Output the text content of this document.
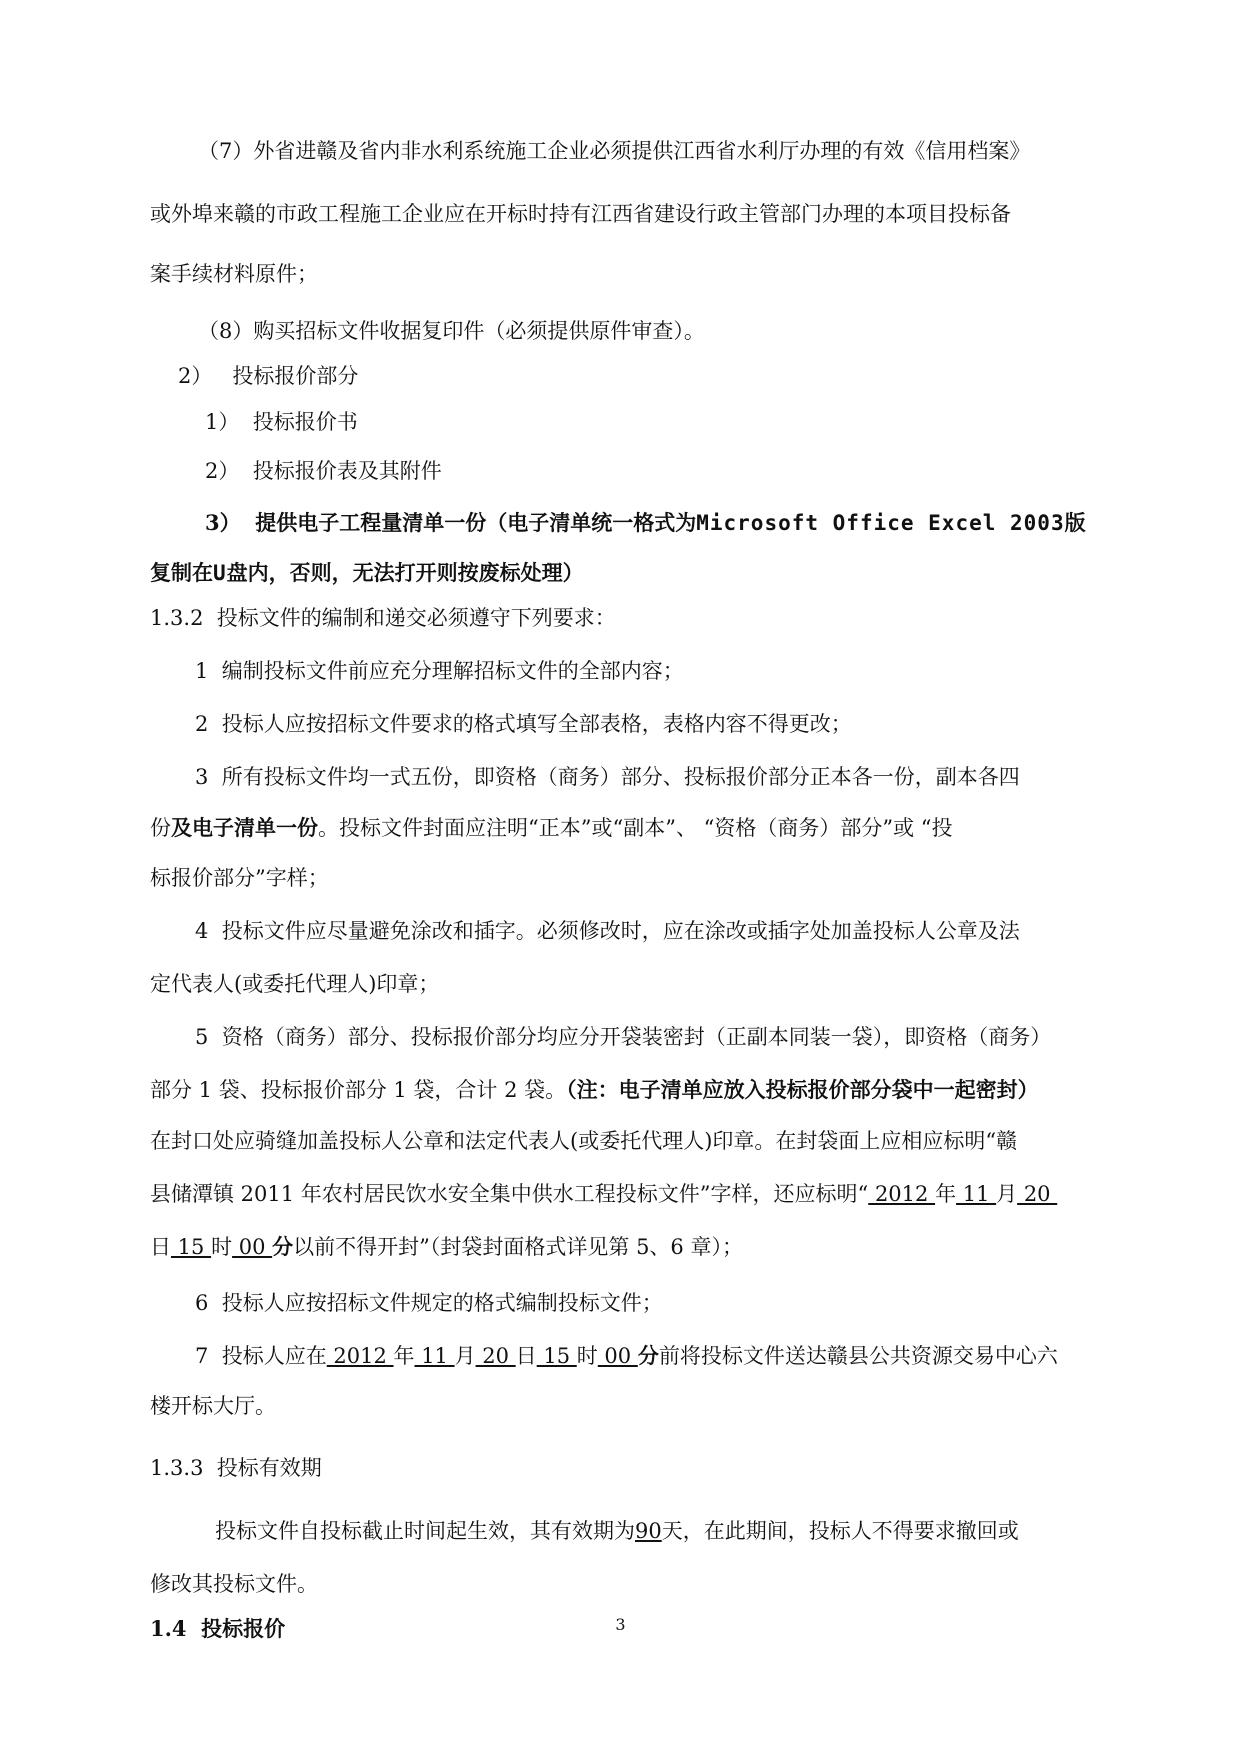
（7）外省进赣及省内非水利系统施工企业必须提供江西省水利厅办理的有效《信用档案》
或外埠来赣的市政工程施工企业应在开标时持有江西省建设行政主管部门办理的本项目投标备
案手续材料原件；
（8）购买招标文件收据复印件（必须提供原件审查）。
2）   投标报价部分
1）  投标报价书
2）  投标报价表及其附件
3）  提供电子工程量清单一份（电子清单统一格式为Microsoft Office Excel 2003版
复制在U盘内，否则，无法打开则按废标处理）
1.3.2  投标文件的编制和递交必须遵守下列要求：
1  编制投标文件前应充分理解招标文件的全部内容；
2  投标人应按招标文件要求的格式填写全部表格，表格内容不得更改；
3  所有投标文件均一式五份，即资格（商务）部分、投标报价部分正本各一份，副本各四
份及电子清单一份。投标文件封面应注明“正本”或“副本”、 “资格（商务）部分”或 “投
标报价部分”字样；
4  投标文件应尽量避免涂改和插字。必须修改时，应在涂改或插字处加盖投标人公章及法
定代表人(或委托代理人)印章；
5  资格（商务）部分、投标报价部分均应分开袋装密封（正副本同装一袋），即资格（商务）
部分 1 袋、投标报价部分 1 袋，合计 2 袋。（注：电子清单应放入投标报价部分袋中一起密封）
在封口处应骑缝加盖投标人公章和法定代表人(或委托代理人)印章。在封袋面上应相应标明“赣
县储潭镇 2011 年农村居民饮水安全集中供水工程投标文件”字样，还应标明“ 2012 年 11 月 20
日 15 时 00 分以前不得开封”（封袋封面格式详见第 5、6 章）；
6  投标人应按招标文件规定的格式编制投标文件；
7  投标人应在 2012 年 11 月 20 日 15 时 00 分前将投标文件送达赣县公共资源交易中心六
楼开标大厅。
1.3.3  投标有效期
投标文件自投标截止时间起生效，其有效期为90天，在此期间，投标人不得要求撤回或
修改其投标文件。
1.4  投标报价	3
